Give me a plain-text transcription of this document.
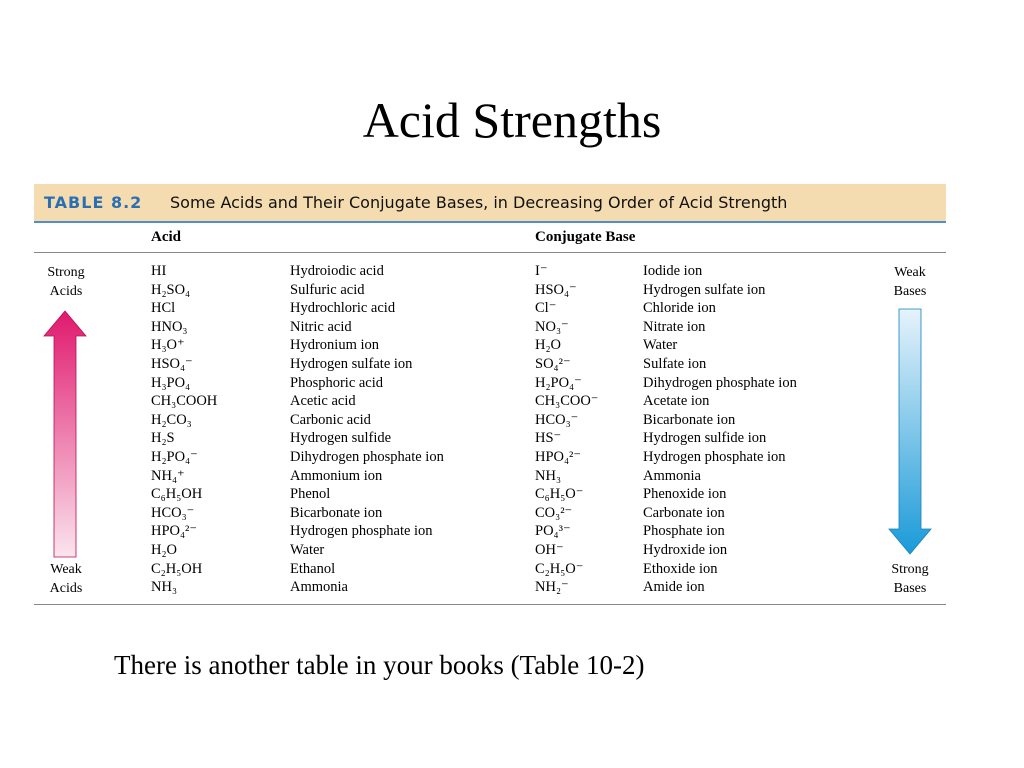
Acid Strengths
TABLE 8.2 Some Acids and Their Conjugate Bases, in Decreasing Order of Acid Strength
Acid	Conjugate Base
Strong
Acids
Weak
Acids
Weak
Bases
Strong
Bases
HI	Hydroiodic acid	I⁻	Iodide ion
H₂SO₄	Sulfuric acid	HSO₄⁻	Hydrogen sulfate ion
HCl	Hydrochloric acid	Cl⁻	Chloride ion
HNO₃	Nitric acid	NO₃⁻	Nitrate ion
H₃O⁺	Hydronium ion	H₂O	Water
HSO₄⁻	Hydrogen sulfate ion	SO₄²⁻	Sulfate ion
H₃PO₄	Phosphoric acid	H₂PO₄⁻	Dihydrogen phosphate ion
CH₃COOH	Acetic acid	CH₃COO⁻	Acetate ion
H₂CO₃	Carbonic acid	HCO₃⁻	Bicarbonate ion
H₂S	Hydrogen sulfide	HS⁻	Hydrogen sulfide ion
H₂PO₄⁻	Dihydrogen phosphate ion	HPO₄²⁻	Hydrogen phosphate ion
NH₄⁺	Ammonium ion	NH₃	Ammonia
C₆H₅OH	Phenol	C₆H₅O⁻	Phenoxide ion
HCO₃⁻	Bicarbonate ion	CO₃²⁻	Carbonate ion
HPO₄²⁻	Hydrogen phosphate ion	PO₄³⁻	Phosphate ion
H₂O	Water	OH⁻	Hydroxide ion
C₂H₅OH	Ethanol	C₂H₅O⁻	Ethoxide ion
NH₃	Ammonia	NH₂⁻	Amide ion
There is another table in your books (Table 10-2)
